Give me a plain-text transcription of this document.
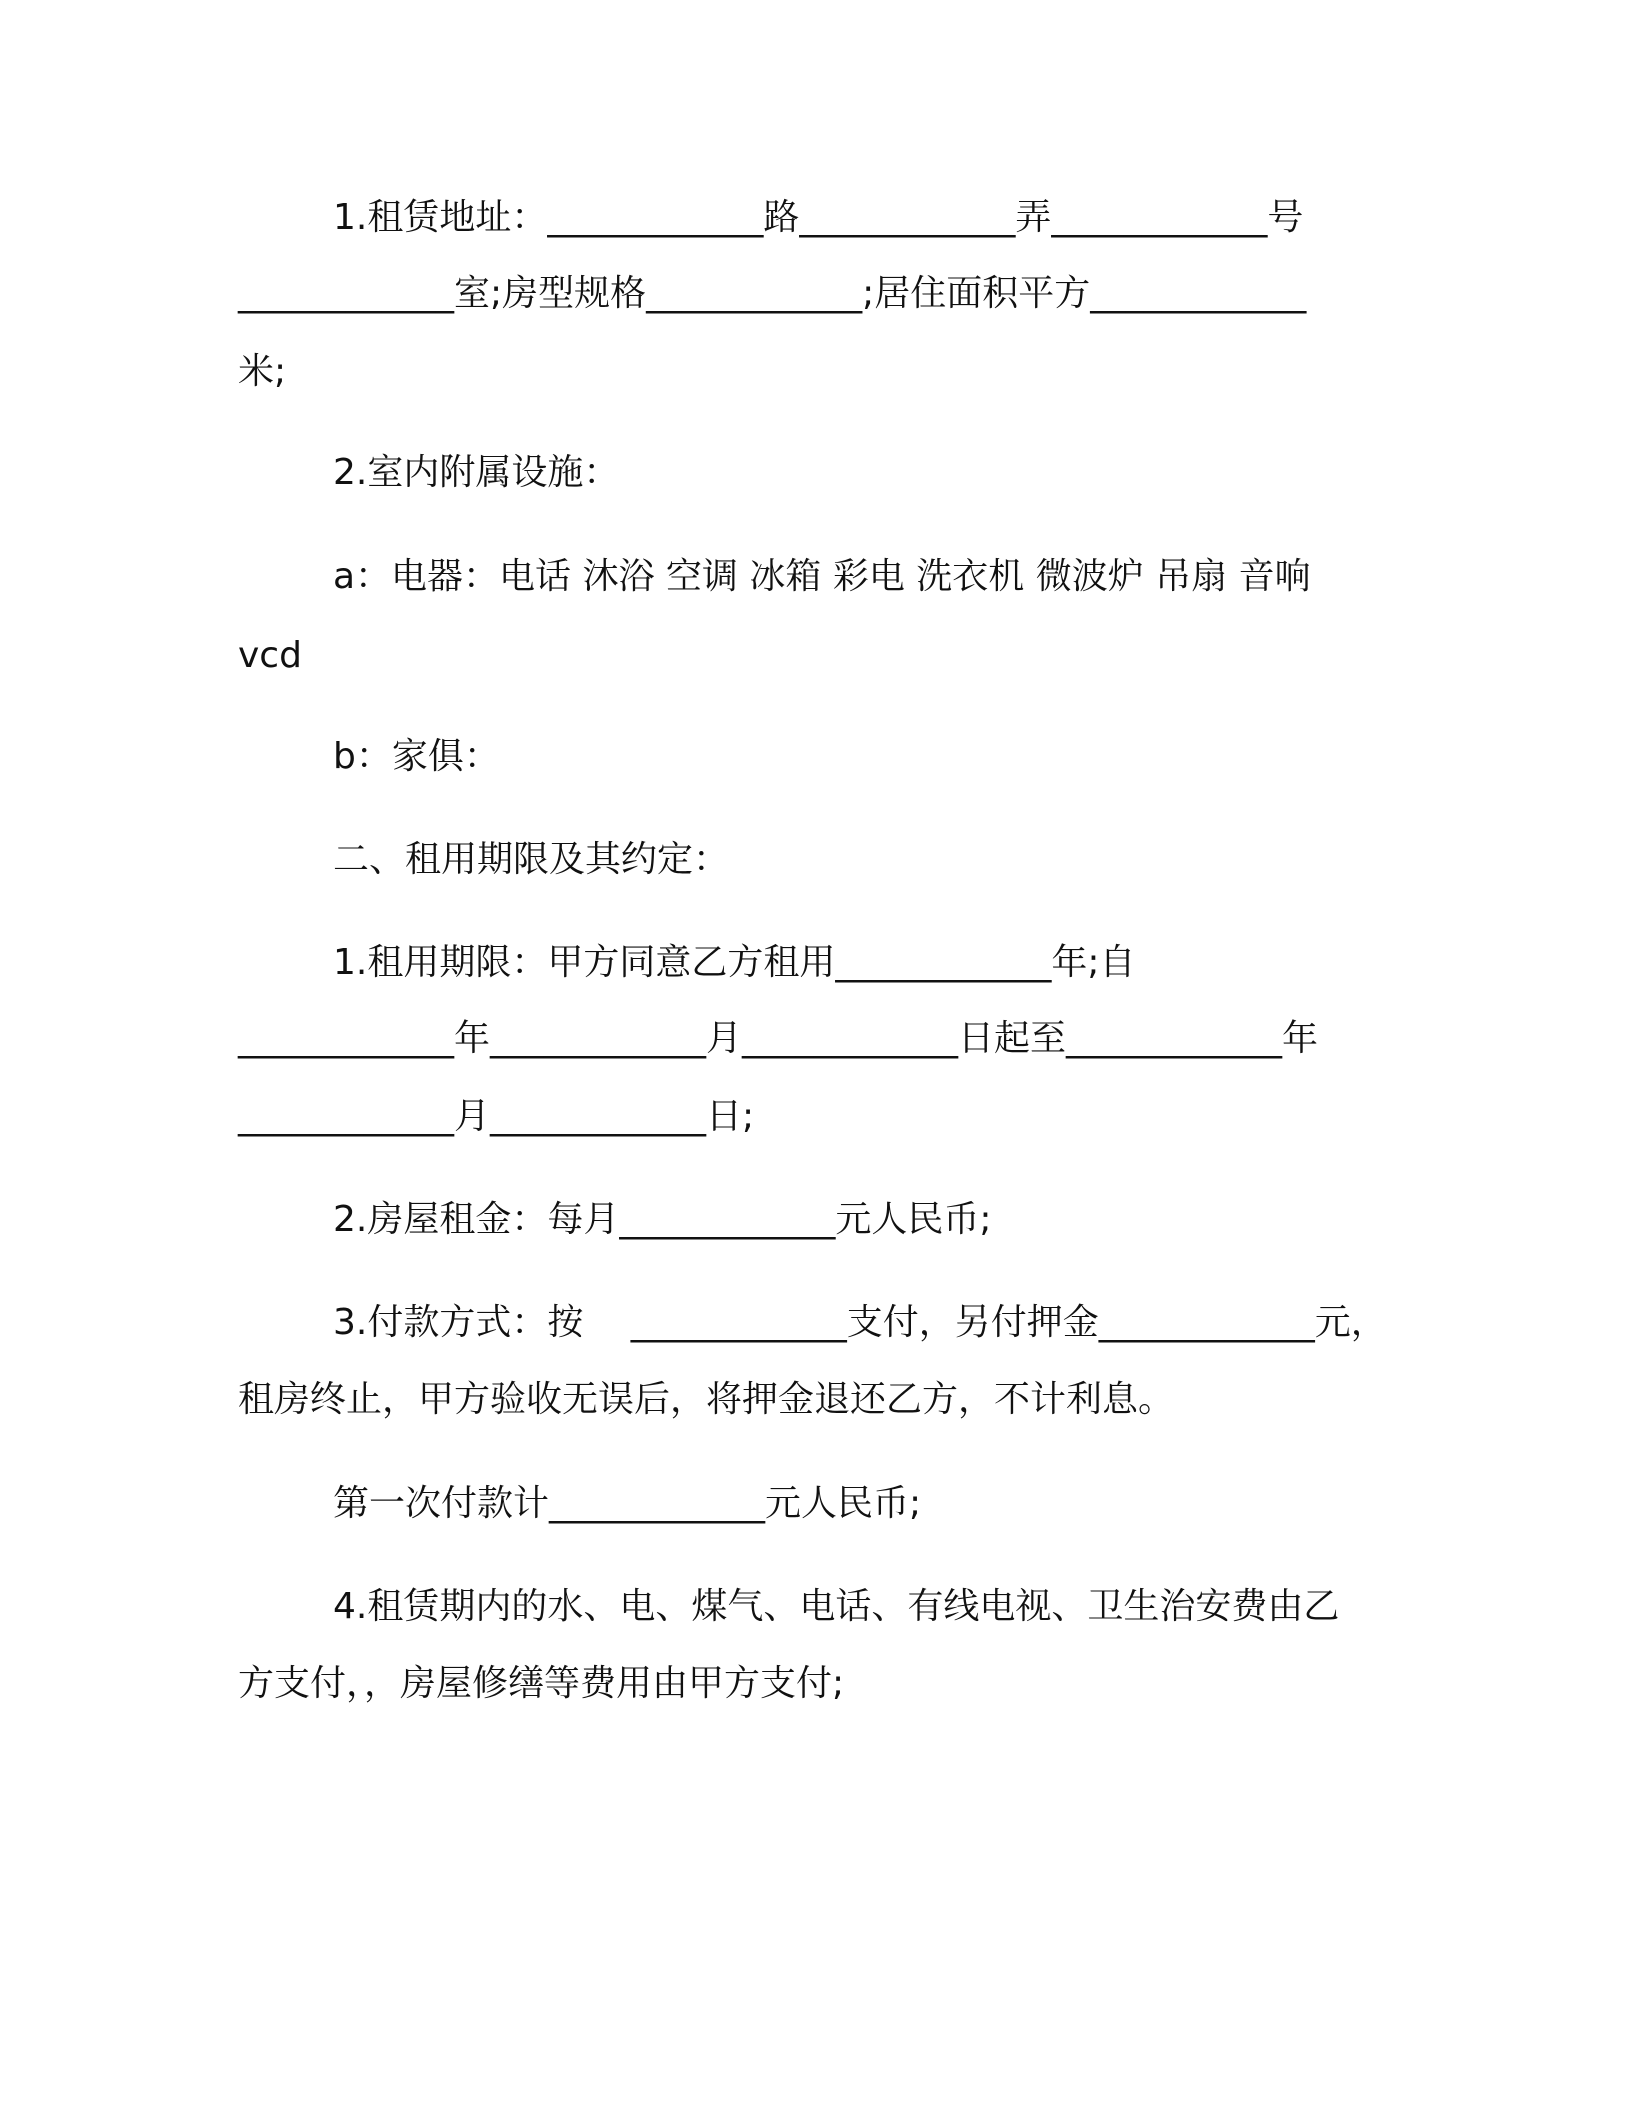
1.租赁地址：____________路____________弄____________号

____________室;房型规格____________;居住面积平方____________

米;

2.室内附属设施：

a：电器：电话 沐浴 空调 冰箱 彩电 洗衣机 微波炉 吊扇 音响

vcd

b：家俱：

二、租用期限及其约定：

1.租用期限：甲方同意乙方租用____________年;自

____________年____________月____________日起至____________年

____________月____________日;

2.房屋租金：每月____________元人民币;

3.付款方式：按　 ____________支付，另付押金____________元，

租房终止，甲方验收无误后，将押金退还乙方，不计利息。

第一次付款计____________元人民币;

4.租赁期内的水、电、煤气、电话、有线电视、卫生治安费由乙

方支付，，房屋修缮等费用由甲方支付;
